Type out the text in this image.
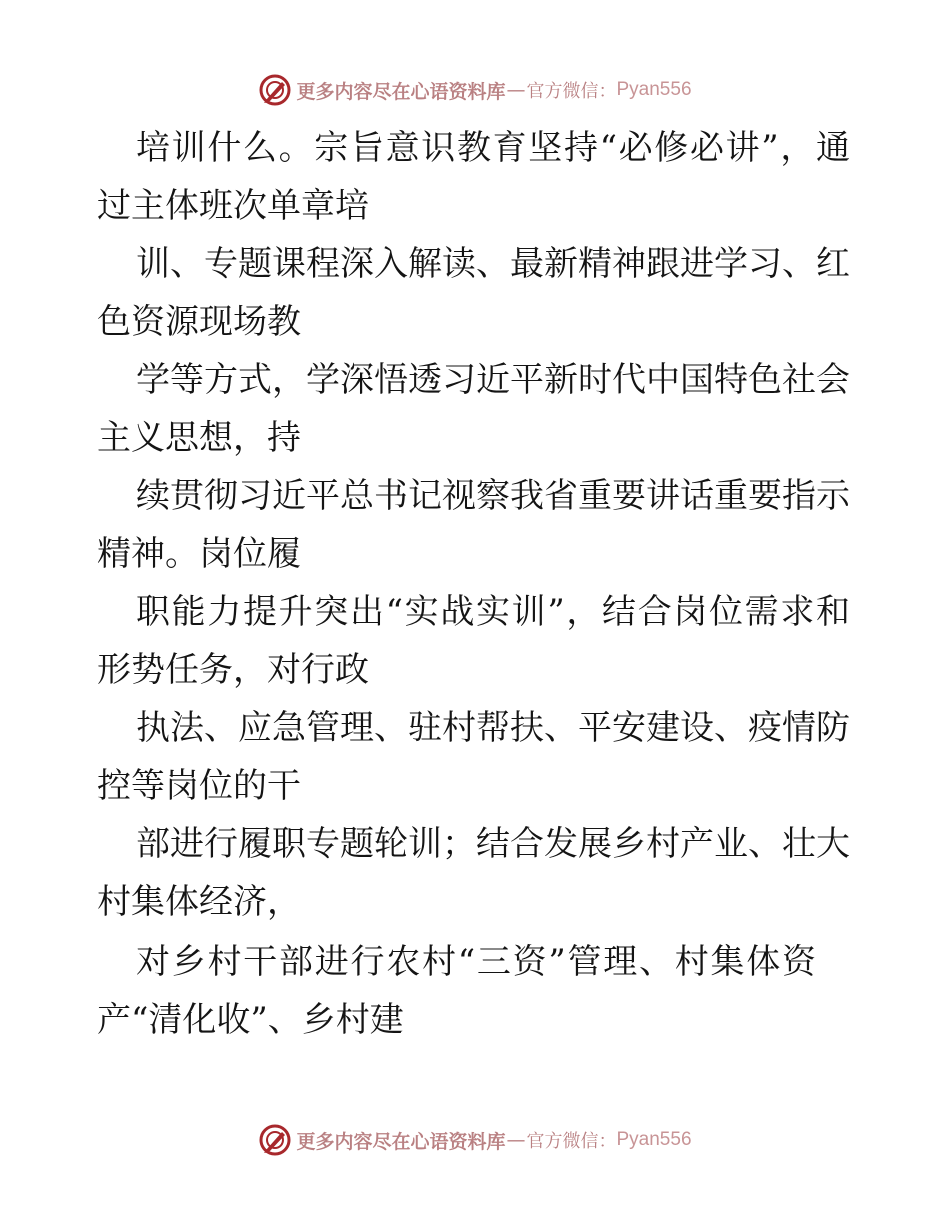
更多内容尽在心语资料库 — 官方微信： Pyan556
培训什么。宗旨意识教育坚持“必修必讲”，通
过主体班次单章培
训、专题课程深入解读、最新精神跟进学习、红
色资源现场教
学等方式，学深悟透习近平新时代中国特色社会
主义思想，持
续贯彻习近平总书记视察我省重要讲话重要指示
精神。岗位履
职能力提升突出“实战实训”，结合岗位需求和
形势任务，对行政
执法、应急管理、驻村帮扶、平安建设、疫情防
控等岗位的干
部进行履职专题轮训；结合发展乡村产业、壮大
村集体经济，
对乡村干部进行农村“三资”管理、村集体资
产“清化收”、乡村建
更多内容尽在心语资料库 — 官方微信： Pyan556
